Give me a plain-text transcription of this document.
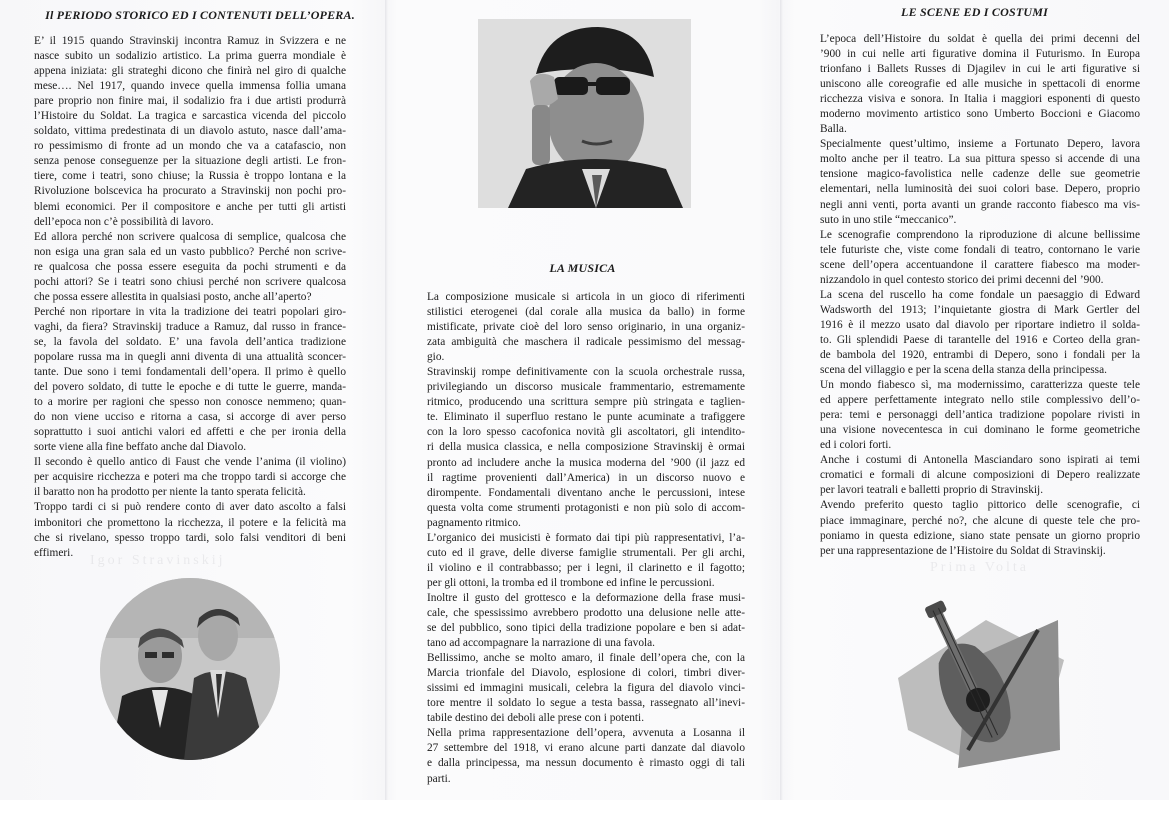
Il PERIODO STORICO ED I CONTENUTI DELL’OPERA.

E’ il 1915 quando Stravinskij incontra Ramuz in Svizzera e ne

nasce subito un sodalizio artistico. La prima guerra mondiale è

appena iniziata: gli strateghi dicono che finirà nel giro di qualche

mese…. Nel 1917, quando invece quella immensa follia umana

pare proprio non finire mai, il sodalizio fra i due artisti produrrà

l’Histoire du Soldat. La tragica e sarcastica vicenda del piccolo

soldato, vittima predestinata di un diavolo astuto, nasce dall’ama-

ro pessimismo di fronte ad un mondo che va a catafascio, non

senza penose conseguenze per la situazione degli artisti. Le fron-

tiere, come i teatri, sono chiuse; la Russia è troppo lontana e la

Rivoluzione bolscevica ha procurato a Stravinskij non pochi pro-

blemi economici. Per il compositore e anche per tutti gli artisti

dell’epoca non c’è possibilità di lavoro.

Ed allora perché non scrivere qualcosa di semplice, qualcosa che

non esiga una gran sala ed un vasto pubblico? Perché non scrive-

re qualcosa che possa essere eseguita da pochi strumenti e da

pochi attori? Se i teatri sono chiusi perché non scrivere qualcosa

che possa essere allestita in qualsiasi posto, anche all’aperto?

Perché non riportare in vita la tradizione dei teatri popolari giro-

vaghi, da fiera? Stravinskij traduce a Ramuz, dal russo in france-

se, la favola del soldato. E’ una favola dell’antica tradizione

popolare russa ma in quegli anni diventa di una attualità sconcer-

tante. Due sono i temi fondamentali dell’opera. Il primo è quello

del povero soldato, di tutte le epoche e di tutte le guerre, manda-

to a morire per ragioni che spesso non conosce nemmeno; quan-

do non viene ucciso e ritorna a casa, si accorge di aver perso

soprattutto i suoi antichi valori ed affetti e che per ironia della

sorte viene alla fine beffato anche dal Diavolo.

Il secondo è quello antico di Faust che vende l’anima (il violino)

per acquisire ricchezza e poteri ma che troppo tardi si accorge che

il baratto non ha prodotto per niente la tanto sperata felicità.

Troppo tardi ci si può rendere conto di aver dato ascolto a falsi

imbonitori che promettono la ricchezza, il potere e la felicità ma

che si rivelano, spesso troppo tardi, solo falsi venditori di beni

effimeri.

Igor Stravinskij
LA MUSICA

La composizione musicale si articola in un gioco di riferimenti

stilistici eterogenei (dal corale alla musica da ballo) in forme

mistificate, private cioè del loro senso originario, in una organiz-

zata ambiguità che maschera il radicale pessimismo del messag-

gio.

Stravinskij rompe definitivamente con la scuola orchestrale russa,

privilegiando un discorso musicale frammentario, estremamente

ritmico, producendo una scrittura sempre più stringata e taglien-

te. Eliminato il superfluo restano le punte acuminate a trafiggere

con la loro spesso cacofonica novità gli ascoltatori, gli intendito-

ri della musica classica, e nella composizione Stravinskij è ormai

pronto ad includere anche la musica moderna del ’900 (il jazz ed

il ragtime provenienti dall’America) in un discorso nuovo e

dirompente. Fondamentali diventano anche le percussioni, intese

questa volta come strumenti protagonisti e non più solo di accom-

pagnamento ritmico.

L’organico dei musicisti è formato dai tipi più rappresentativi, l’a-

cuto ed il grave, delle diverse famiglie strumentali. Per gli archi,

il violino e il contrabbasso; per i legni, il clarinetto e il fagotto;

per gli ottoni, la tromba ed il trombone ed infine le percussioni.

Inoltre il gusto del grottesco e la deformazione della frase musi-

cale, che spessissimo avrebbero prodotto una delusione nelle atte-

se del pubblico, sono tipici della tradizione popolare e ben si adat-

tano ad accompagnare la narrazione di una favola.

Bellissimo, anche se molto amaro, il finale dell’opera che, con la

Marcia trionfale del Diavolo, esplosione di colori, timbri diver-

sissimi ed immagini musicali, celebra la figura del diavolo vinci-

tore mentre il soldato lo segue a testa bassa, rassegnato all’inevi-

tabile destino dei deboli alle prese con i potenti.

Nella prima rappresentazione dell’opera, avvenuta a Losanna il

27 settembre del 1918, vi erano alcune parti danzate dal diavolo

e dalla principessa, ma nessun documento è rimasto oggi di tali

parti.

LE SCENE ED I COSTUMI

L’epoca dell’Histoire du soldat è quella dei primi decenni del

’900 in cui nelle arti figurative domina il Futurismo. In Europa

trionfano i Ballets Russes di Djagilev in cui le arti figurative si

uniscono alle coreografie ed alle musiche in spettacoli di enorme

ricchezza visiva e sonora. In Italia i maggiori esponenti di questo

moderno movimento artistico sono Umberto Boccioni e Giacomo

Balla.

Specialmente quest’ultimo, insieme a Fortunato Depero, lavora

molto anche per il teatro. La sua pittura spesso si accende di una

tensione magico-favolistica nelle cadenze delle sue geometrie

elementari, nella luminosità dei suoi colori base. Depero, proprio

negli anni venti, porta avanti un grande racconto fiabesco ma vis-

suto in uno stile “meccanico”.

Le scenografie comprendono la riproduzione di alcune bellissime

tele futuriste che, viste come fondali di teatro, contornano le varie

scene dell’opera accentuandone il carattere fiabesco ma moder-

nizzandolo in quel contesto storico dei primi decenni del ’900.

La scena del ruscello ha come fondale un paesaggio di Edward

Wadsworth del 1913; l’inquietante giostra di Mark Gertler del

1916 è il mezzo usato dal diavolo per riportare indietro il solda-

to. Gli splendidi Paese di tarantelle del 1916 e Corteo della gran-

de bambola del 1920, entrambi di Depero, sono i fondali per la

scena del villaggio e per la scena della stanza della principessa.

Un mondo fiabesco sì, ma modernissimo, caratterizza queste tele

ed appere perfettamente integrato nello stile complessivo dell’o-

pera: temi e personaggi dell’antica tradizione popolare rivisti in

una visione novecentesca in cui dominano le forme geometriche

ed i colori forti.

Anche i costumi di Antonella Masciandaro sono ispirati ai temi

cromatici e formali di alcune composizioni di Depero realizzate

per lavori teatrali e balletti proprio di Stravinskij.

Avendo preferito questo taglio pittorico delle scenografie, ci

piace immaginare, perché no?, che alcune di queste tele che pro-

poniamo in questa edizione, siano state pensate un giorno proprio

per una rappresentazione de l’Histoire du Soldat di Stravinskij.

Prima Volta
